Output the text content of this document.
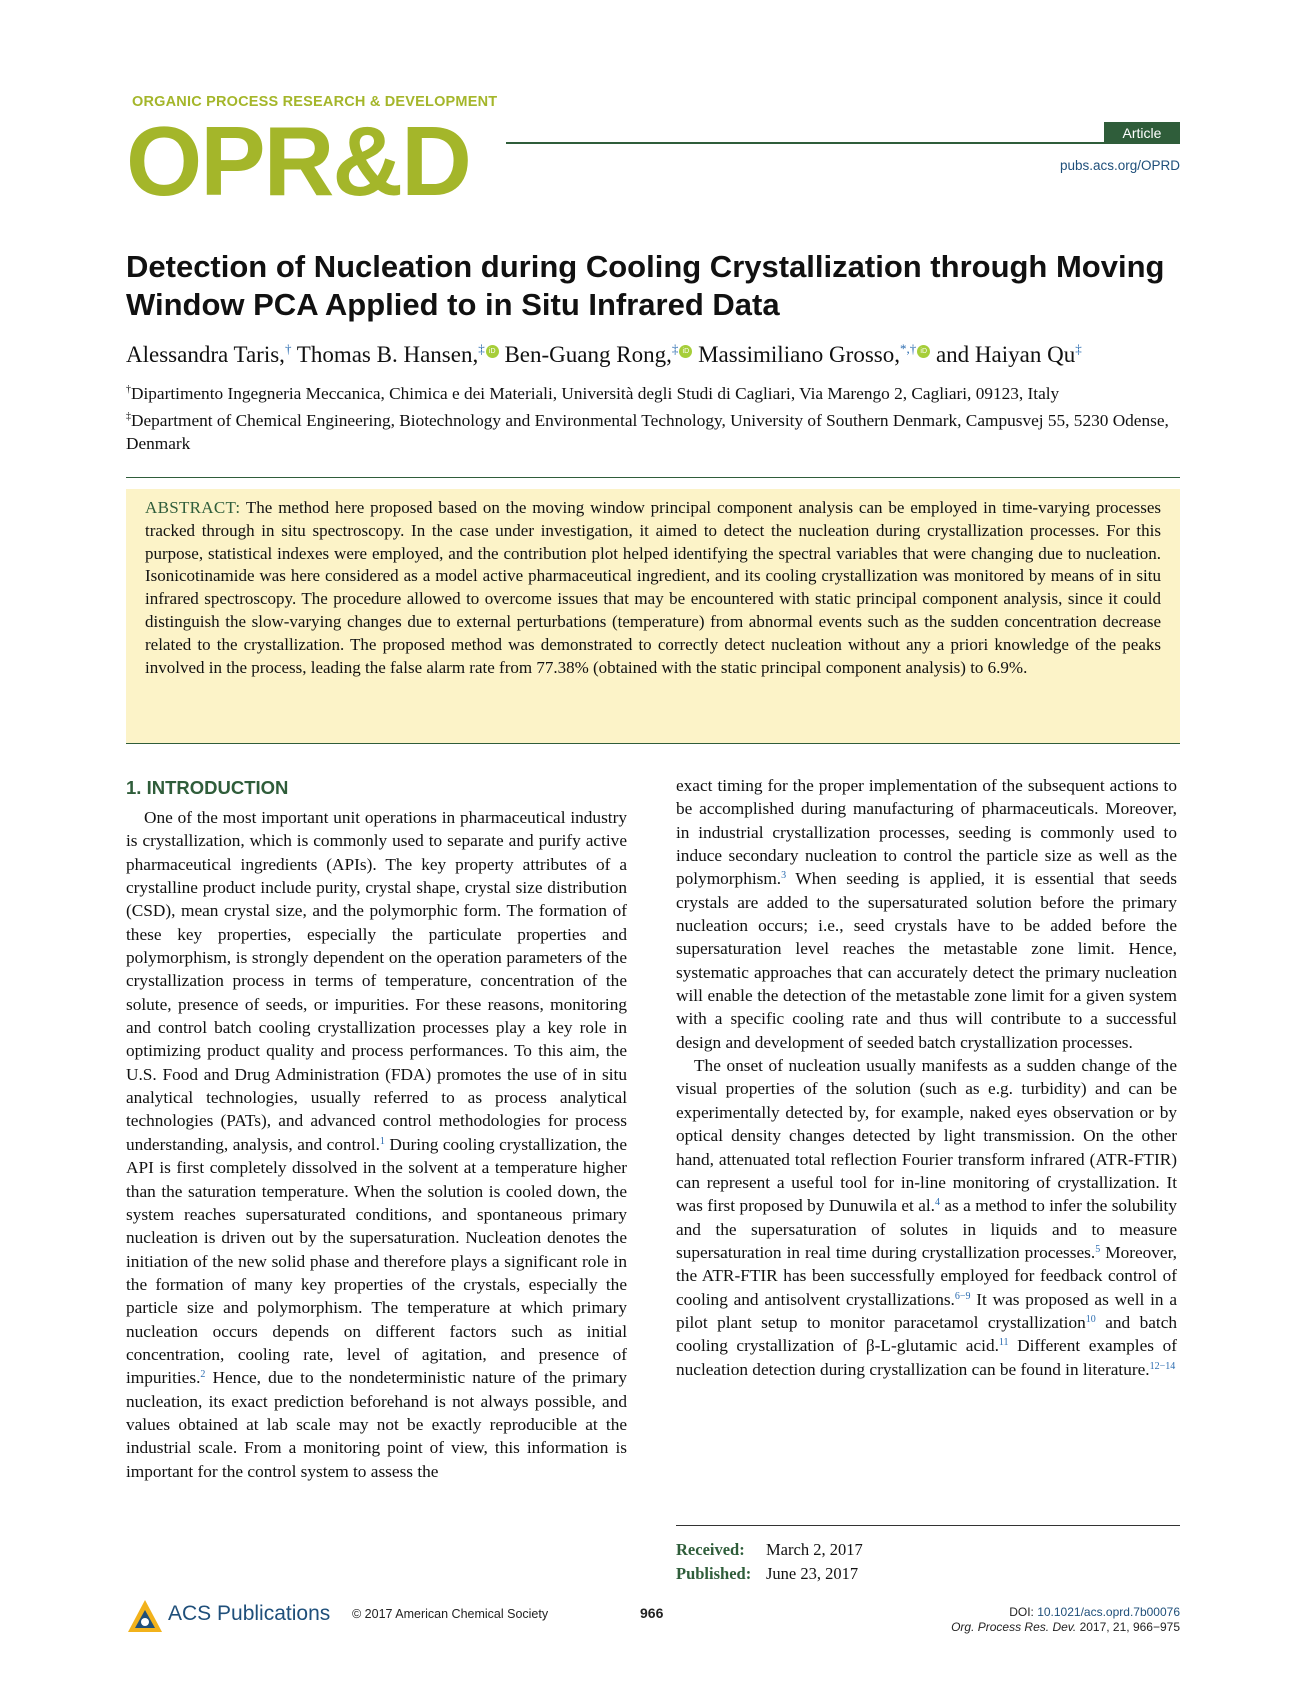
ORGANIC PROCESS RESEARCH & DEVELOPMENT
OPR&D	Article
pubs.acs.org/OPRD
Detection of Nucleation during Cooling Crystallization through Moving Window PCA Applied to in Situ Infrared Data
Alessandra Taris,† Thomas B. Hansen,‡ iD Ben-Guang Rong,‡ iD Massimiliano Grosso,*,† iD and Haiyan Qu‡
†Dipartimento Ingegneria Meccanica, Chimica e dei Materiali, Università degli Studi di Cagliari, Via Marengo 2, Cagliari, 09123, Italy
‡Department of Chemical Engineering, Biotechnology and Environmental Technology, University of Southern Denmark, Campusvej 55, 5230 Odense, Denmark
ABSTRACT: The method here proposed based on the moving window principal component analysis can be employed in time-varying processes tracked through in situ spectroscopy. In the case under investigation, it aimed to detect the nucleation during crystallization processes. For this purpose, statistical indexes were employed, and the contribution plot helped identifying the spectral variables that were changing due to nucleation. Isonicotinamide was here considered as a model active pharmaceutical ingredient, and its cooling crystallization was monitored by means of in situ infrared spectroscopy. The procedure allowed to overcome issues that may be encountered with static principal component analysis, since it could distinguish the slow-varying changes due to external perturbations (temperature) from abnormal events such as the sudden concentration decrease related to the crystallization. The proposed method was demonstrated to correctly detect nucleation without any a priori knowledge of the peaks involved in the process, leading the false alarm rate from 77.38% (obtained with the static principal component analysis) to 6.9%.
1. INTRODUCTION

One of the most important unit operations in pharmaceutical industry is crystallization, which is commonly used to separate and purify active pharmaceutical ingredients (APIs). The key property attributes of a crystalline product include purity, crystal shape, crystal size distribution (CSD), mean crystal size, and the polymorphic form. The formation of these key properties, especially the particulate properties and polymorphism, is strongly dependent on the operation parameters of the crystallization process in terms of temperature, concentration of the solute, presence of seeds, or impurities. For these reasons, monitoring and control batch cooling crystallization processes play a key role in optimizing product quality and process performances. To this aim, the U.S. Food and Drug Administration (FDA) promotes the use of in situ analytical technologies, usually referred to as process analytical technologies (PATs), and advanced control methodologies for process understanding, analysis, and control.$^1$ During cooling crystallization, the API is first completely dissolved in the solvent at a temperature higher than the saturation temperature. When the solution is cooled down, the system reaches supersaturated conditions, and spontaneous primary nucleation is driven out by the supersaturation. Nucleation denotes the initiation of the new solid phase and therefore plays a significant role in the formation of many key properties of the crystals, especially the particle size and polymorphism. The temperature at which primary nucleation occurs depends on different factors such as initial concentration, cooling rate, level of agitation, and presence of impurities.$^2$ Hence, due to the nondeterministic nature of the primary nucleation, its exact prediction beforehand is not always possible, and values obtained at lab scale may not be exactly reproducible at the industrial scale. From a monitoring point of view, this information is important for the control system to assess the

exact timing for the proper implementation of the subsequent actions to be accomplished during manufacturing of pharmaceuticals. Moreover, in industrial crystallization processes, seeding is commonly used to induce secondary nucleation to control the particle size as well as the polymorphism.$^3$ When seeding is applied, it is essential that seeds crystals are added to the supersaturated solution before the primary nucleation occurs; i.e., seed crystals have to be added before the supersaturation level reaches the metastable zone limit. Hence, systematic approaches that can accurately detect the primary nucleation will enable the detection of the metastable zone limit for a given system with a specific cooling rate and thus will contribute to a successful design and development of seeded batch crystallization processes.

The onset of nucleation usually manifests as a sudden change of the visual properties of the solution (such as e.g. turbidity) and can be experimentally detected by, for example, naked eyes observation or by optical density changes detected by light transmission. On the other hand, attenuated total reflection Fourier transform infrared (ATR-FTIR) can represent a useful tool for in-line monitoring of crystallization. It was first proposed by Dunuwila et al.$^4$ as a method to infer the solubility and the supersaturation of solutes in liquids and to measure supersaturation in real time during crystallization processes.$^5$ Moreover, the ATR-FTIR has been successfully employed for feedback control of cooling and antisolvent crystallizations.$^{6-9}$ It was proposed as well in a pilot plant setup to monitor paracetamol crystallization$^{10}$ and batch cooling crystallization of β-L-glutamic acid.$^{11}$ Different examples of nucleation detection during crystallization can be found in literature.$^{12-14}$

Received: March 2, 2017
Published: June 23, 2017
ACS Publications © 2017 American Chemical Society	966	DOI: 10.1021/acs.oprd.7b00076
Org. Process Res. Dev. 2017, 21, 966−975
